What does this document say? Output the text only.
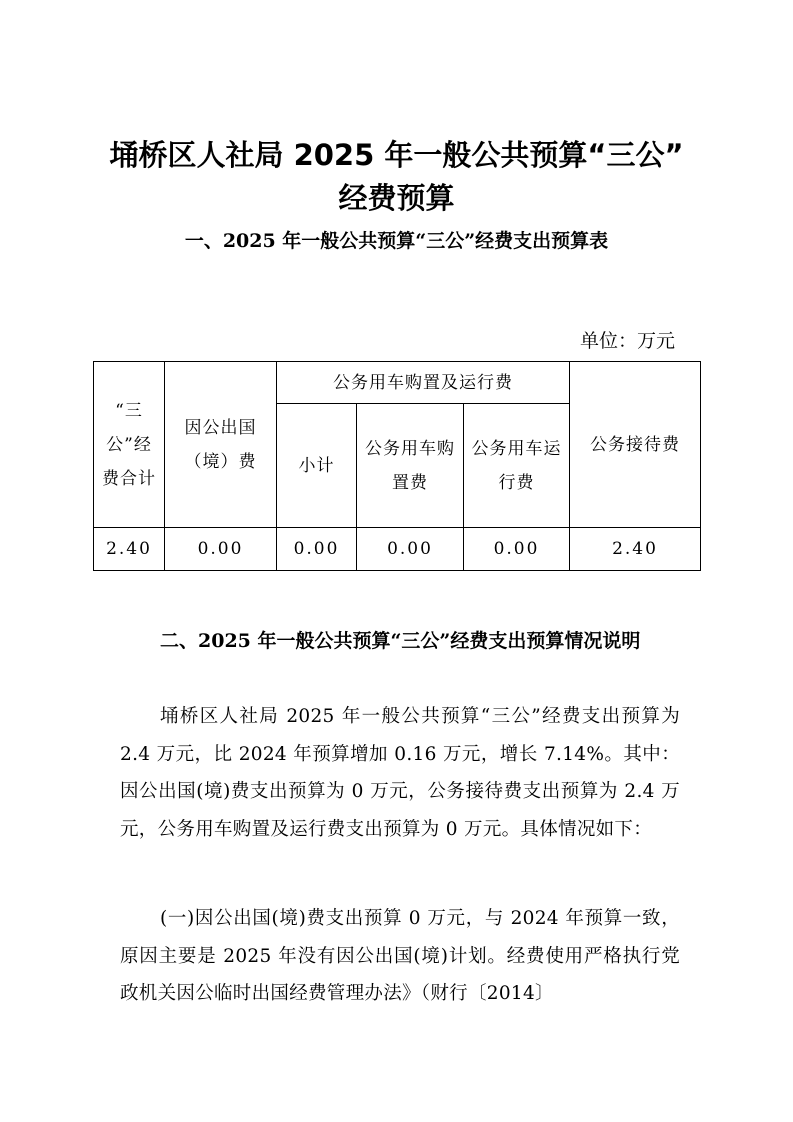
埇桥区人社局 2025 年一般公共预算“三公”
经费预算
一、2025 年一般公共预算“三公”经费支出预算表
单位：万元
“三公”经费合计	因公出国（境）费	公务用车购置及运行费			公务接待费
		小计	公务用车购置费	公务用车运行费	
2.40	0.00	0.00	0.00	0.00	2.40
二、2025 年一般公共预算“三公”经费支出预算情况说明

埇桥区人社局 2025 年一般公共预算“三公”经费支出预算为 2.4 万元，比 2024 年预算增加 0.16 万元，增长 7.14%。其中：因公出国(境)费支出预算为 0 万元，公务接待费支出预算为 2.4 万元，公务用车购置及运行费支出预算为 0 万元。具体情况如下：

(一)因公出国(境)费支出预算 0 万元，与 2024 年预算一致，原因主要是 2025 年没有因公出国(境)计划。经费使用严格执行党政机关因公临时出国经费管理办法》（财行〔2014〕
